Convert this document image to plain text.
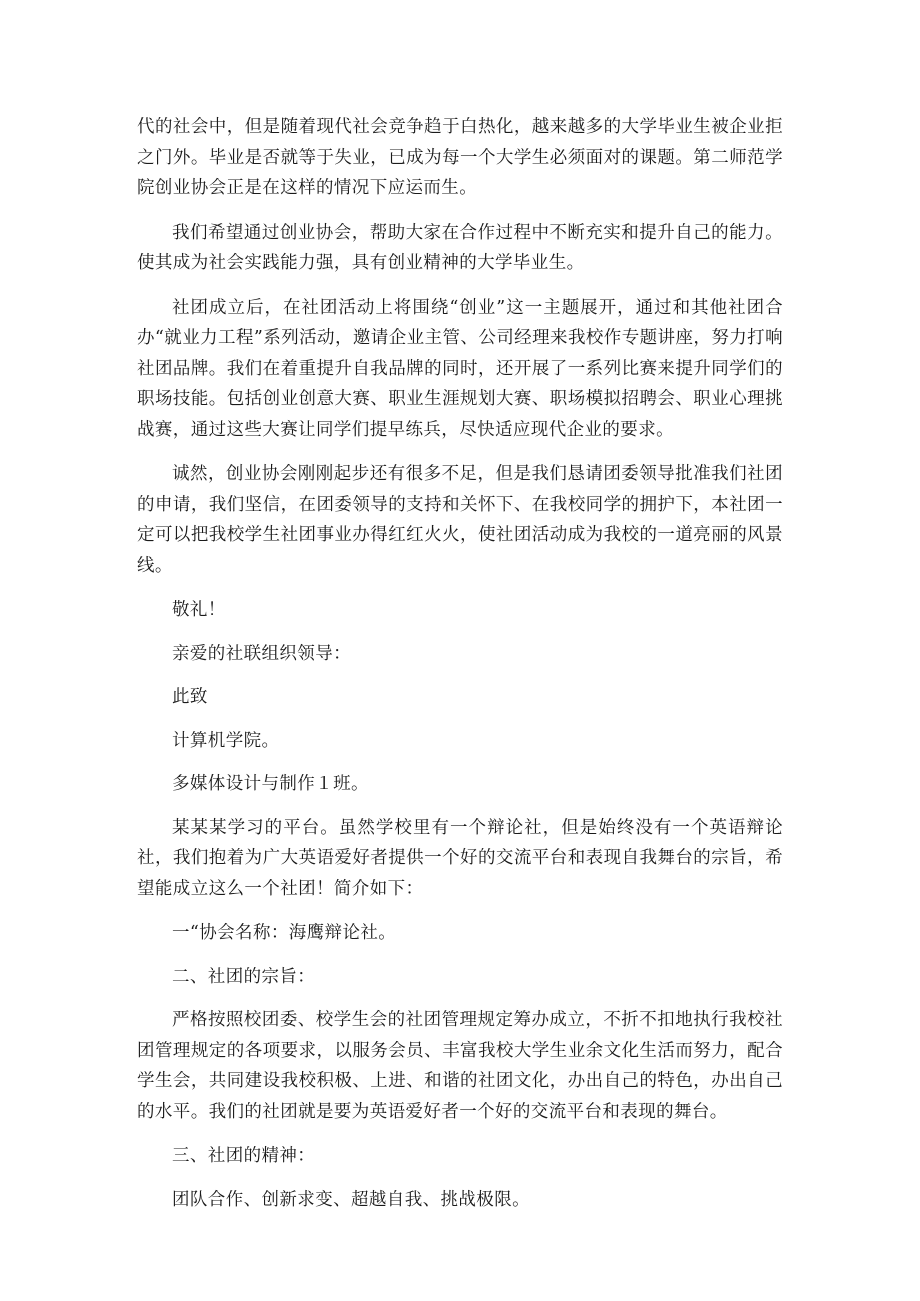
代的社会中，但是随着现代社会竞争趋于白热化，越来越多的大学毕业生被企业拒之门外。毕业是否就等于失业，已成为每一个大学生必须面对的课题。第二师范学院创业协会正是在这样的情况下应运而生。

我们希望通过创业协会，帮助大家在合作过程中不断充实和提升自己的能力。使其成为社会实践能力强，具有创业精神的大学毕业生。

社团成立后，在社团活动上将围绕“创业”这一主题展开，通过和其他社团合办“就业力工程”系列活动，邀请企业主管、公司经理来我校作专题讲座，努力打响社团品牌。我们在着重提升自我品牌的同时，还开展了一系列比赛来提升同学们的职场技能。包括创业创意大赛、职业生涯规划大赛、职场模拟招聘会、职业心理挑战赛，通过这些大赛让同学们提早练兵，尽快适应现代企业的要求。

诚然，创业协会刚刚起步还有很多不足，但是我们恳请团委领导批准我们社团的申请，我们坚信，在团委领导的支持和关怀下、在我校同学的拥护下，本社团一定可以把我校学生社团事业办得红红火火，使社团活动成为我校的一道亮丽的风景线。

敬礼！

亲爱的社联组织领导：

此致

计算机学院。

多媒体设计与制作１班。

某某某学习的平台。虽然学校里有一个辩论社，但是始终没有一个英语辩论社，我们抱着为广大英语爱好者提供一个好的交流平台和表现自我舞台的宗旨，希望能成立这么一个社团！简介如下：

一“协会名称：海鹰辩论社。

二、社团的宗旨：

严格按照校团委、校学生会的社团管理规定筹办成立，不折不扣地执行我校社团管理规定的各项要求，以服务会员、丰富我校大学生业余文化生活而努力，配合学生会，共同建设我校积极、上进、和谐的社团文化，办出自己的特色，办出自己的水平。我们的社团就是要为英语爱好者一个好的交流平台和表现的舞台。

三、社团的精神：

团队合作、创新求变、超越自我、挑战极限。
